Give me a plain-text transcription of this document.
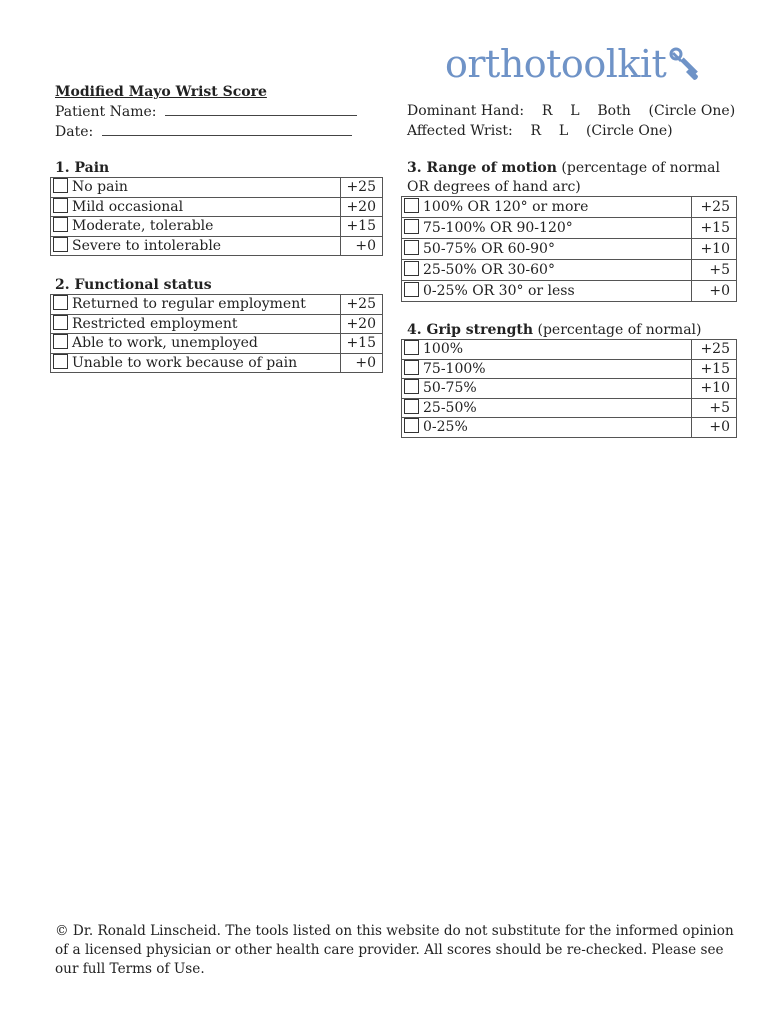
orthotoolkit
Modified Mayo Wrist Score
Patient Name:
Date:
Dominant Hand:    R    L    Both    (Circle One)
Affected Wrist:    R    L    (Circle One)
1. Pain
No pain	+25
Mild occasional	+20
Moderate, tolerable	+15
Severe to intolerable	+0
2. Functional status
Returned to regular employment	+25
Restricted employment	+20
Able to work, unemployed	+15
Unable to work because of pain	+0
3. Range of motion (percentage of normal
OR degrees of hand arc)
100% OR 120° or more	+25
75-100% OR 90-120°	+15
50-75% OR 60-90°	+10
25-50% OR 30-60°	+5
0-25% OR 30° or less	+0
4. Grip strength (percentage of normal)
100%	+25
75-100%	+15
50-75%	+10
25-50%	+5
0-25%	+0
© Dr. Ronald Linscheid. The tools listed on this website do not substitute for the informed opinion of a licensed physician or other health care provider. All scores should be re-checked. Please see our full Terms of Use.
